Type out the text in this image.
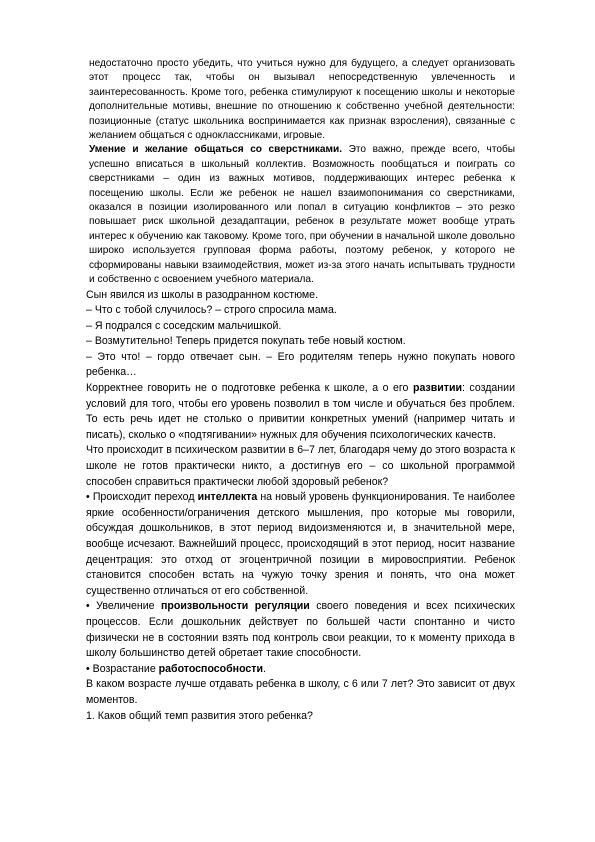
недостаточно просто убедить, что учиться нужно для будущего, а следует организовать этот процесс так, чтобы он вызывал непосредственную увлеченность и заинтересованность. Кроме того, ребенка стимулируют к посещению школы и некоторые дополнительные мотивы, внешние по отношению к собственно учебной деятельности: позиционные (статус школьника воспринимается как признак взросления), связанные с желанием общаться с одноклассниками, игровые.

Умение и желание общаться со сверстниками. Это важно, прежде всего, чтобы успешно вписаться в школьный коллектив. Возможность пообщаться и поиграть со сверстниками – один из важных мотивов, поддерживающих интерес ребенка к посещению школы. Если же ребенок не нашел взаимопонимания со сверстниками, оказался в позиции изолированного или попал в ситуацию конфликтов – это резко повышает риск школьной дезадаптации, ребенок в результате может вообще утрать интерес к обучению как таковому. Кроме того, при обучении в начальной школе довольно широко используется групповая форма работы, поэтому ребенок, у которого не сформированы навыки взаимодействия, может из-за этого начать испытывать трудности и собственно с освоением учебного материала.

Сын явился из школы в разодранном костюме.

– Что с тобой случилось? – строго спросила мама.

– Я подрался с соседским мальчишкой.

– Возмутительно! Теперь придется покупать тебе новый костюм.

– Это что! – гордо отвечает сын. – Его родителям теперь нужно покупать нового ребенка…

Корректнее говорить не о подготовке ребенка к школе, а о его развитии: создании условий для того, чтобы его уровень позволил в том числе и обучаться без проблем. То есть речь идет не столько о привитии конкретных умений (например читать и писать), сколько о «подтягивании» нужных для обучения психологических качеств.

Что происходит в психическом развитии в 6–7 лет, благодаря чему до этого возраста к школе не готов практически никто, а достигнув его – со школьной программой способен справиться практически любой здоровый ребенок?

• Происходит переход интеллекта на новый уровень функционирования. Те наиболее яркие особенности/ограничения детского мышления, про которые мы говорили, обсуждая дошкольников, в этот период видоизменяются и, в значительной мере, вообще исчезают. Важнейший процесс, происходящий в этот период, носит название децентрация: это отход от эгоцентричной позиции в мировосприятии. Ребенок становится способен встать на чужую точку зрения и понять, что она может существенно отличаться от его собственной.

• Увеличение произвольности регуляции своего поведения и всех психических процессов. Если дошкольник действует по большей части спонтанно и чисто физически не в состоянии взять под контроль свои реакции, то к моменту прихода в школу большинство детей обретает такие способности.

• Возрастание работоспособности.

В каком возрасте лучше отдавать ребенка в школу, с 6 или 7 лет? Это зависит от двух моментов.

1. Каков общий темп развития этого ребенка?
